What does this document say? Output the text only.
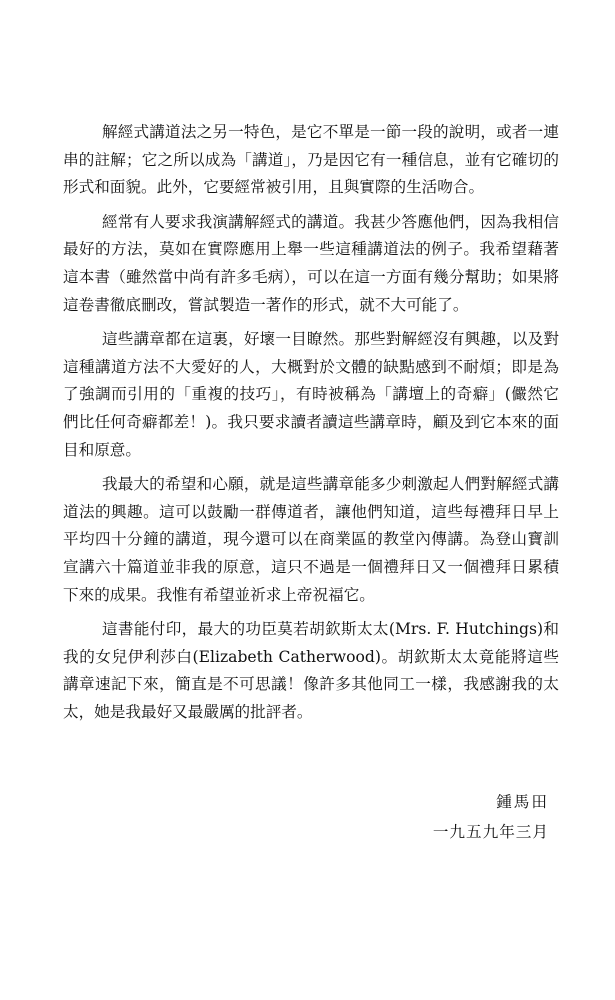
解經式講道法之另一特色，是它不單是一節一段的說明，或者一連串的註解；它之所以成為「講道」，乃是因它有一種信息，並有它確切的形式和面貌。此外，它要經常被引用，且與實際的生活吻合。

經常有人要求我演講解經式的講道。我甚少答應他們，因為我相信最好的方法，莫如在實際應用上舉一些這種講道法的例子。我希望藉著這本書（雖然當中尚有許多毛病），可以在這一方面有幾分幫助；如果將這卷書徹底刪改，嘗試製造一著作的形式，就不大可能了。

這些講章都在這裏，好壞一目瞭然。那些對解經沒有興趣，以及對這種講道方法不大愛好的人，大概對於文體的缺點感到不耐煩；即是為了強調而引用的「重複的技巧」，有時被稱為「講壇上的奇癖」(儼然它們比任何奇癖都差！)。我只要求讀者讀這些講章時，顧及到它本來的面目和原意。

我最大的希望和心願，就是這些講章能多少刺激起人們對解經式講道法的興趣。這可以鼓勵一群傳道者，讓他們知道，這些每禮拜日早上平均四十分鐘的講道，現今還可以在商業區的教堂內傳講。為登山寶訓宣講六十篇道並非我的原意，這只不過是一個禮拜日又一個禮拜日累積下來的成果。我惟有希望並祈求上帝祝福它。

這書能付印，最大的功臣莫若胡欽斯太太(Mrs. F. Hutchings)和我的女兒伊利莎白(Elizabeth Catherwood)。胡欽斯太太竟能將這些講章速記下來，簡直是不可思議！像許多其他同工一樣，我感謝我的太太，她是我最好又最嚴厲的批評者。

鍾馬田
一九五九年三月
